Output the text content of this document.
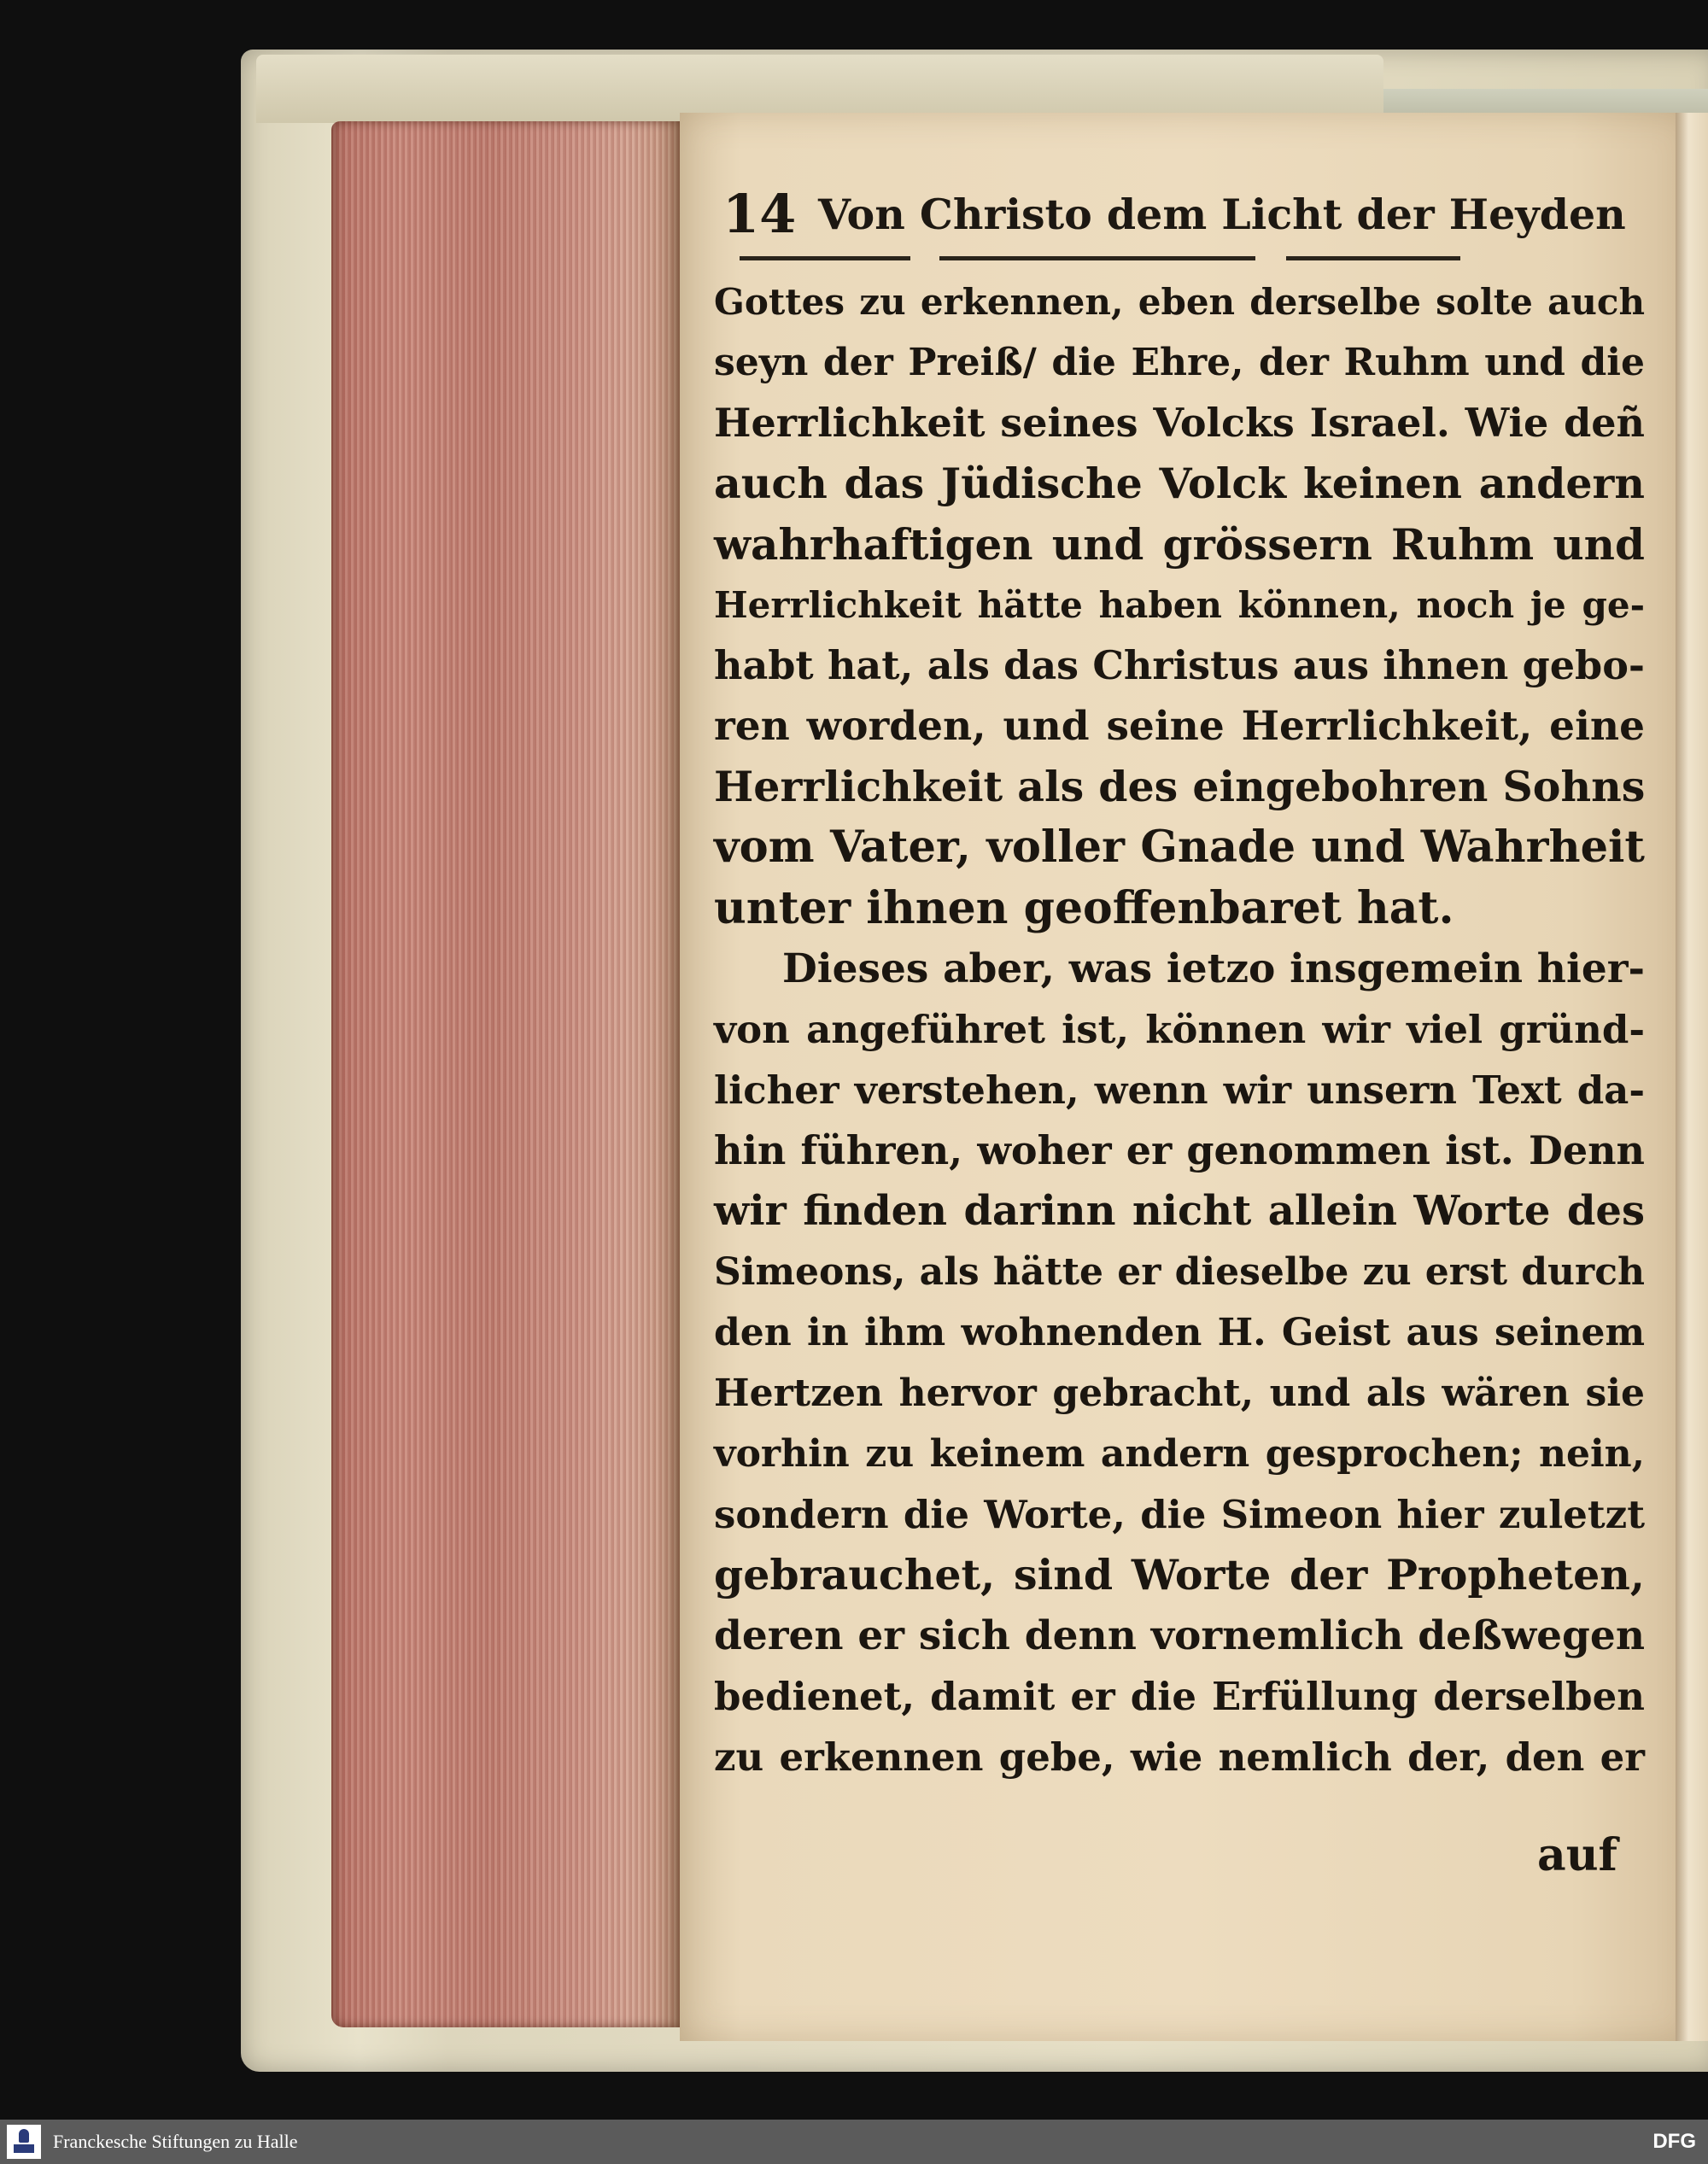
14 Von Christo dem Licht der Heyden
Gottes zu erkennen, eben derselbe solte auch
seyn der Preiß/ die Ehre, der Ruhm und die
Herrlichkeit seines Volcks Israel. Wie deñ
auch das Jüdische Volck keinen andern
wahrhaftigen und grössern Ruhm und
Herrlichkeit hätte haben können, noch je ge-
habt hat, als das Christus aus ihnen gebo-
ren worden, und seine Herrlichkeit, eine
Herrlichkeit als des eingebohren Sohns
vom Vater, voller Gnade und Wahrheit
unter ihnen geoffenbaret hat.
Dieses aber, was ietzo insgemein hier-
von angeführet ist, können wir viel gründ-
licher verstehen, wenn wir unsern Text da-
hin führen, woher er genommen ist. Denn
wir finden darinn nicht allein Worte des
Simeons, als hätte er dieselbe zu erst durch
den in ihm wohnenden H. Geist aus seinem
Hertzen hervor gebracht, und als wären sie
vorhin zu keinem andern gesprochen; nein,
sondern die Worte, die Simeon hier zuletzt
gebrauchet, sind Worte der Propheten,
deren er sich denn vornemlich deßwegen
bedienet, damit er die Erfüllung derselben
zu erkennen gebe, wie nemlich der, den er
auf
Franckesche Stiftungen zu Halle	DFG
